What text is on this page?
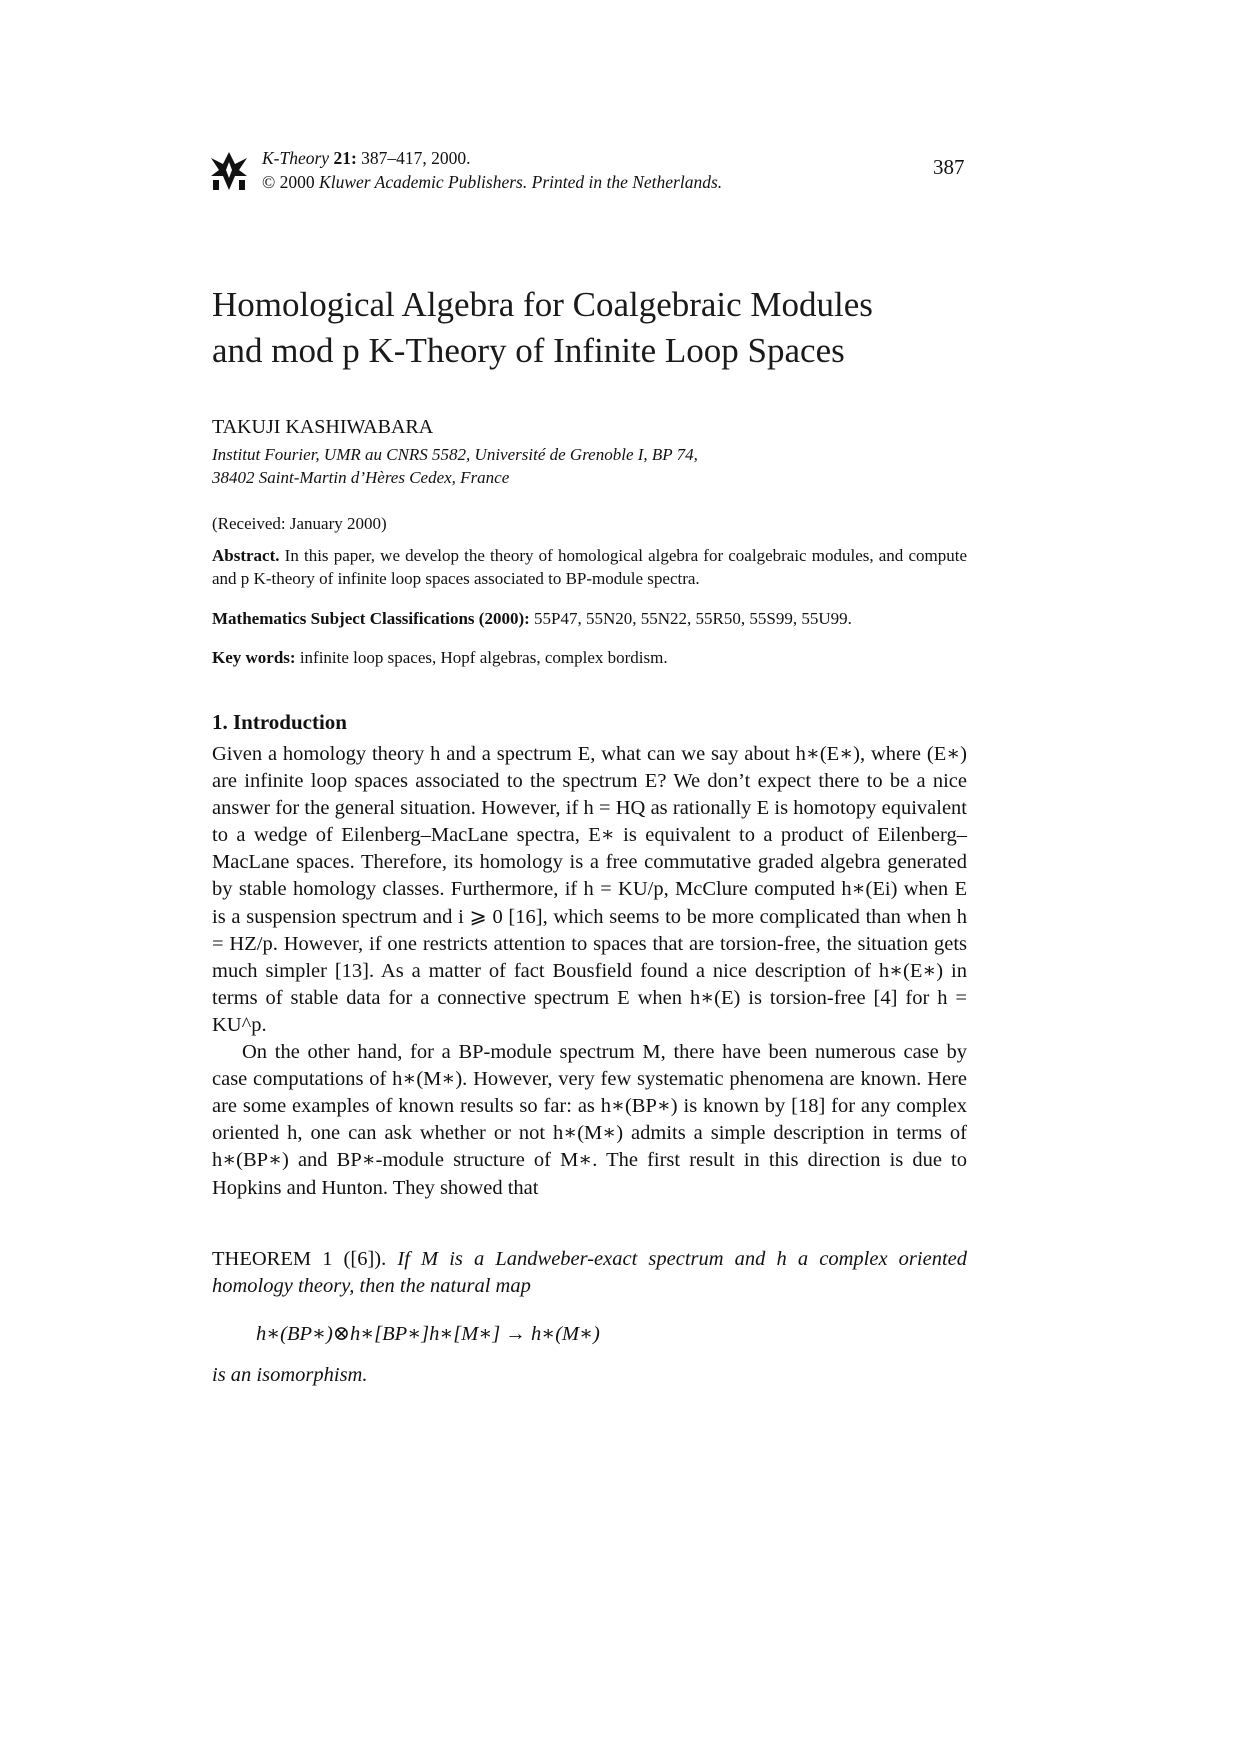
K-Theory 21: 387–417, 2000.
© 2000 Kluwer Academic Publishers. Printed in the Netherlands.
387
Homological Algebra for Coalgebraic Modules
and mod p K-Theory of Infinite Loop Spaces
TAKUJI KASHIWABARA
Institut Fourier, UMR au CNRS 5582, Université de Grenoble I, BP 74,
38402 Saint-Martin d’Hères Cedex, France
(Received: January 2000)
Abstract. In this paper, we develop the theory of homological algebra for coalgebraic modules, and compute and p K-theory of infinite loop spaces associated to BP-module spectra.
Mathematics Subject Classifications (2000): 55P47, 55N20, 55N22, 55R50, 55S99, 55U99.
Key words: infinite loop spaces, Hopf algebras, complex bordism.
1. Introduction

Given a homology theory h and a spectrum E, what can we say about h∗(E∗), where (E∗) are infinite loop spaces associated to the spectrum E? We don’t expect there to be a nice answer for the general situation. However, if h = HQ as rationally E is homotopy equivalent to a wedge of Eilenberg–MacLane spectra, E∗ is equivalent to a product of Eilenberg–MacLane spaces. Therefore, its homology is a free commutative graded algebra generated by stable homology classes. Furthermore, if h = KU/p, McClure computed h∗(Ei) when E is a suspension spectrum and i ⩾ 0 [16], which seems to be more complicated than when h = HZ/p. However, if one restricts attention to spaces that are torsion-free, the situation gets much simpler [13]. As a matter of fact Bousfield found a nice description of h∗(E∗) in terms of stable data for a connective spectrum E when h∗(E) is torsion-free [4] for h = KU^p.

On the other hand, for a BP-module spectrum M, there have been numerous case by case computations of h∗(M∗). However, very few systematic phenomena are known. Here are some examples of known results so far: as h∗(BP∗) is known by [18] for any complex oriented h, one can ask whether or not h∗(M∗) admits a simple description in terms of h∗(BP∗) and BP∗-module structure of M∗. The first result in this direction is due to Hopkins and Hunton. They showed that

THEOREM 1 ([6]). If M is a Landweber-exact spectrum and h a complex oriented homology theory, then the natural map
h∗(BP∗)⊗h∗[BP∗]h∗[M∗] → h∗(M∗)
is an isomorphism.
